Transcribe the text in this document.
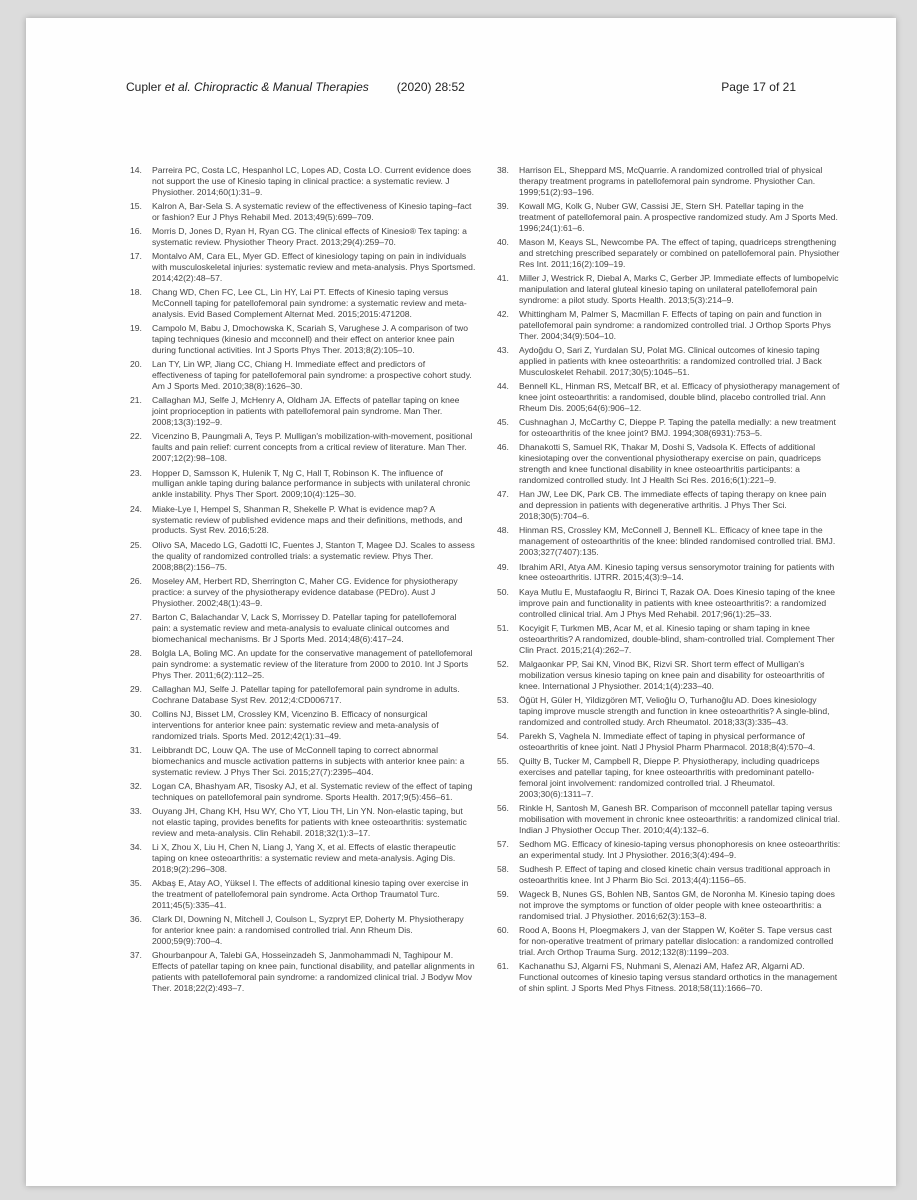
Cupler et al. Chiropractic & Manual Therapies (2020) 28:52	Page 17 of 21
14. Parreira PC, Costa LC, Hespanhol LC, Lopes AD, Costa LO. Current evidence does not support the use of Kinesio taping in clinical practice: a systematic review. J Physiother. 2014;60(1):31–9.
15. Kalron A, Bar-Sela S. A systematic review of the effectiveness of Kinesio taping–fact or fashion? Eur J Phys Rehabil Med. 2013;49(5):699–709.
16. Morris D, Jones D, Ryan H, Ryan CG. The clinical effects of Kinesio® Tex taping: a systematic review. Physiother Theory Pract. 2013;29(4):259–70.
17. Montalvo AM, Cara EL, Myer GD. Effect of kinesiology taping on pain in individuals with musculoskeletal injuries: systematic review and meta-analysis. Phys Sportsmed. 2014;42(2):48–57.
18. Chang WD, Chen FC, Lee CL, Lin HY, Lai PT. Effects of Kinesio taping versus McConnell taping for patellofemoral pain syndrome: a systematic review and meta-analysis. Evid Based Complement Alternat Med. 2015;2015:471208.
19. Campolo M, Babu J, Dmochowska K, Scariah S, Varughese J. A comparison of two taping techniques (kinesio and mcconnell) and their effect on anterior knee pain during functional activities. Int J Sports Phys Ther. 2013;8(2):105–10.
20. Lan TY, Lin WP, Jiang CC, Chiang H. Immediate effect and predictors of effectiveness of taping for patellofemoral pain syndrome: a prospective cohort study. Am J Sports Med. 2010;38(8):1626–30.
21. Callaghan MJ, Selfe J, McHenry A, Oldham JA. Effects of patellar taping on knee joint proprioception in patients with patellofemoral pain syndrome. Man Ther. 2008;13(3):192–9.
22. Vicenzino B, Paungmali A, Teys P. Mulligan's mobilization-with-movement, positional faults and pain relief: current concepts from a critical review of literature. Man Ther. 2007;12(2):98–108.
23. Hopper D, Samsson K, Hulenik T, Ng C, Hall T, Robinson K. The influence of mulligan ankle taping during balance performance in subjects with unilateral chronic ankle instability. Phys Ther Sport. 2009;10(4):125–30.
24. Miake-Lye I, Hempel S, Shanman R, Shekelle P. What is evidence map? A systematic review of published evidence maps and their definitions, methods, and products. Syst Rev. 2016;5:28.
25. Olivo SA, Macedo LG, Gadotti IC, Fuentes J, Stanton T, Magee DJ. Scales to assess the quality of randomized controlled trials: a systematic review. Phys Ther. 2008;88(2):156–75.
26. Moseley AM, Herbert RD, Sherrington C, Maher CG. Evidence for physiotherapy practice: a survey of the physiotherapy evidence database (PEDro). Aust J Physiother. 2002;48(1):43–9.
27. Barton C, Balachandar V, Lack S, Morrissey D. Patellar taping for patellofemoral pain: a systematic review and meta-analysis to evaluate clinical outcomes and biomechanical mechanisms. Br J Sports Med. 2014;48(6):417–24.
28. Bolgla LA, Boling MC. An update for the conservative management of patellofemoral pain syndrome: a systematic review of the literature from 2000 to 2010. Int J Sports Phys Ther. 2011;6(2):112–25.
29. Callaghan MJ, Selfe J. Patellar taping for patellofemoral pain syndrome in adults. Cochrane Database Syst Rev. 2012;4:CD006717.
30. Collins NJ, Bisset LM, Crossley KM, Vicenzino B. Efficacy of nonsurgical interventions for anterior knee pain: systematic review and meta-analysis of randomized trials. Sports Med. 2012;42(1):31–49.
31. Leibbrandt DC, Louw QA. The use of McConnell taping to correct abnormal biomechanics and muscle activation patterns in subjects with anterior knee pain: a systematic review. J Phys Ther Sci. 2015;27(7):2395–404.
32. Logan CA, Bhashyam AR, Tisosky AJ, et al. Systematic review of the effect of taping techniques on patellofemoral pain syndrome. Sports Health. 2017;9(5):456–61.
33. Ouyang JH, Chang KH, Hsu WY, Cho YT, Liou TH, Lin YN. Non-elastic taping, but not elastic taping, provides benefits for patients with knee osteoarthritis: systematic review and meta-analysis. Clin Rehabil. 2018;32(1):3–17.
34. Li X, Zhou X, Liu H, Chen N, Liang J, Yang X, et al. Effects of elastic therapeutic taping on knee osteoarthritis: a systematic review and meta-analysis. Aging Dis. 2018;9(2):296–308.
35. Akbaş E, Atay AO, Yüksel I. The effects of additional kinesio taping over exercise in the treatment of patellofemoral pain syndrome. Acta Orthop Traumatol Turc. 2011;45(5):335–41.
36. Clark DI, Downing N, Mitchell J, Coulson L, Syzpryt EP, Doherty M. Physiotherapy for anterior knee pain: a randomised controlled trial. Ann Rheum Dis. 2000;59(9):700–4.
37. Ghourbanpour A, Talebi GA, Hosseinzadeh S, Janmohammadi N, Taghipour M. Effects of patellar taping on knee pain, functional disability, and patellar alignments in patients with patellofemoral pain syndrome: a randomized clinical trial. J Bodyw Mov Ther. 2018;22(2):493–7.
38. Harrison EL, Sheppard MS, McQuarrie. A randomized controlled trial of physical therapy treatment programs in patellofemoral pain syndrome. Physiother Can. 1999;51(2):93–196.
39. Kowall MG, Kolk G, Nuber GW, Cassisi JE, Stern SH. Patellar taping in the treatment of patellofemoral pain. A prospective randomized study. Am J Sports Med. 1996;24(1):61–6.
40. Mason M, Keays SL, Newcombe PA. The effect of taping, quadriceps strengthening and stretching prescribed separately or combined on patellofemoral pain. Physiother Res Int. 2011;16(2):109–19.
41. Miller J, Westrick R, Diebal A, Marks C, Gerber JP. Immediate effects of lumbopelvic manipulation and lateral gluteal kinesio taping on unilateral patellofemoral pain syndrome: a pilot study. Sports Health. 2013;5(3):214–9.
42. Whittingham M, Palmer S, Macmillan F. Effects of taping on pain and function in patellofemoral pain syndrome: a randomized controlled trial. J Orthop Sports Phys Ther. 2004;34(9):504–10.
43. Aydoğdu O, Sari Z, Yurdalan SU, Polat MG. Clinical outcomes of kinesio taping applied in patients with knee osteoarthritis: a randomized controlled trial. J Back Musculoskelet Rehabil. 2017;30(5):1045–51.
44. Bennell KL, Hinman RS, Metcalf BR, et al. Efficacy of physiotherapy management of knee joint osteoarthritis: a randomised, double blind, placebo controlled trial. Ann Rheum Dis. 2005;64(6):906–12.
45. Cushnaghan J, McCarthy C, Dieppe P. Taping the patella medially: a new treatment for osteoarthritis of the knee joint? BMJ. 1994;308(6931):753–5.
46. Dhanakotti S, Samuel RK, Thakar M, Doshi S, Vadsola K. Effects of additional kinesiotaping over the conventional physiotherapy exercise on pain, quadriceps strength and knee functional disability in knee osteoarthritis participants: a randomized controlled study. Int J Health Sci Res. 2016;6(1):221–9.
47. Han JW, Lee DK, Park CB. The immediate effects of taping therapy on knee pain and depression in patients with degenerative arthritis. J Phys Ther Sci. 2018;30(5):704–6.
48. Hinman RS, Crossley KM, McConnell J, Bennell KL. Efficacy of knee tape in the management of osteoarthritis of the knee: blinded randomised controlled trial. BMJ. 2003;327(7407):135.
49. Ibrahim ARI, Atya AM. Kinesio taping versus sensorymotor training for patients with knee osteoarthritis. IJTRR. 2015;4(3):9–14.
50. Kaya Mutlu E, Mustafaoglu R, Birinci T, Razak OA. Does Kinesio taping of the knee improve pain and functionality in patients with knee osteoarthritis?: a randomized controlled clinical trial. Am J Phys Med Rehabil. 2017;96(1):25–33.
51. Kocyigit F, Turkmen MB, Acar M, et al. Kinesio taping or sham taping in knee osteoarthritis? A randomized, double-blind, sham-controlled trial. Complement Ther Clin Pract. 2015;21(4):262–7.
52. Malgaonkar PP, Sai KN, Vinod BK, Rizvi SR. Short term effect of Mulligan's mobilization versus kinesio taping on knee pain and disability for osteoarthritis of knee. International J Physiother. 2014;1(4):233–40.
53. Öğüt H, Güler H, Yildizgören MT, Velioğlu O, Turhanoğlu AD. Does kinesiology taping improve muscle strength and function in knee osteoarthritis? A single-blind, randomized and controlled study. Arch Rheumatol. 2018;33(3):335–43.
54. Parekh S, Vaghela N. Immediate effect of taping in physical performance of osteoarthritis of knee joint. Natl J Physiol Pharm Pharmacol. 2018;8(4):570–4.
55. Quilty B, Tucker M, Campbell R, Dieppe P. Physiotherapy, including quadriceps exercises and patellar taping, for knee osteoarthritis with predominant patello-femoral joint involvement: randomized controlled trial. J Rheumatol. 2003;30(6):1311–7.
56. Rinkle H, Santosh M, Ganesh BR. Comparison of mcconnell patellar taping versus mobilisation with movement in chronic knee osteoarthritis: a randomized clinical trial. Indian J Physiother Occup Ther. 2010;4(4):132–6.
57. Sedhom MG. Efficacy of kinesio-taping versus phonophoresis on knee osteoarthritis: an experimental study. Int J Physiother. 2016;3(4):494–9.
58. Sudhesh P. Effect of taping and closed kinetic chain versus traditional approach in osteoarthritis knee. Int J Pharm Bio Sci. 2013;4(4):1156–65.
59. Wageck B, Nunes GS, Bohlen NB, Santos GM, de Noronha M. Kinesio taping does not improve the symptoms or function of older people with knee osteoarthritis: a randomised trial. J Physiother. 2016;62(3):153–8.
60. Rood A, Boons H, Ploegmakers J, van der Stappen W, Koëter S. Tape versus cast for non-operative treatment of primary patellar dislocation: a randomized controlled trial. Arch Orthop Trauma Surg. 2012;132(8):1199–203.
61. Kachanathu SJ, Algarni FS, Nuhmani S, Alenazi AM, Hafez AR, Algarni AD. Functional outcomes of kinesio taping versus standard orthotics in the management of shin splint. J Sports Med Phys Fitness. 2018;58(11):1666–70.
